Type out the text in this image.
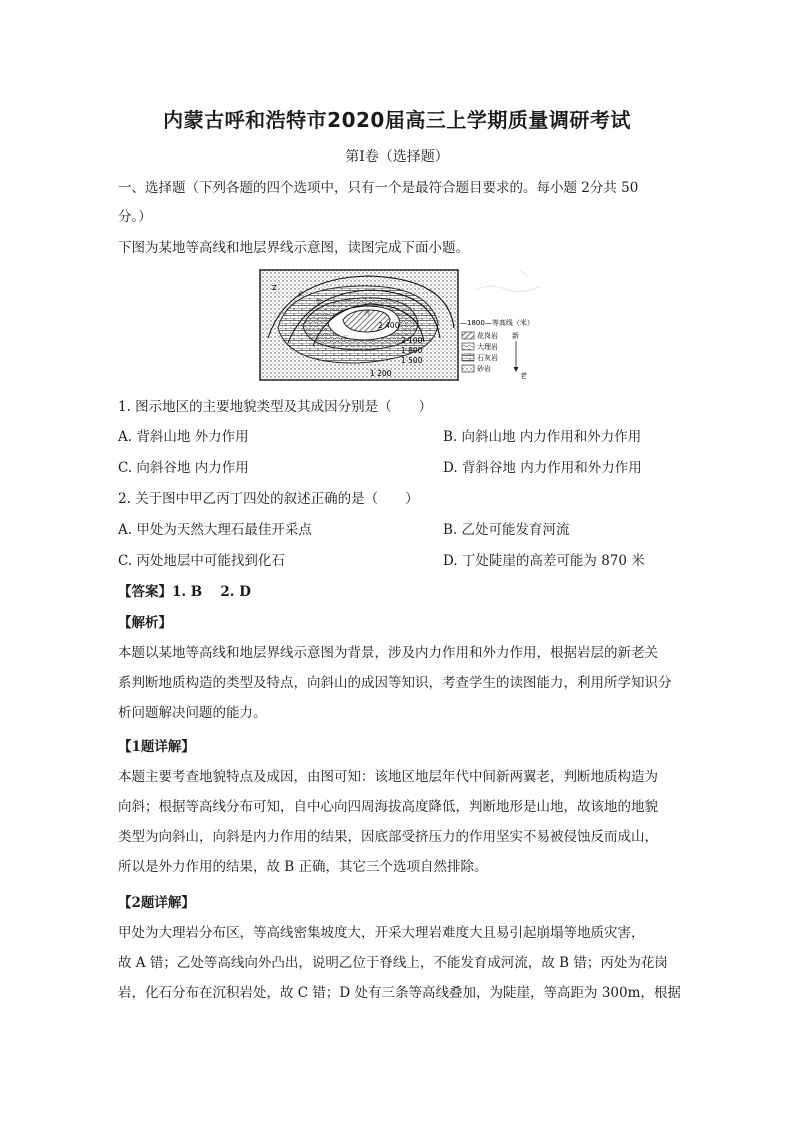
内蒙古呼和浩特市2020届高三上学期质量调研考试
第Ⅰ卷（选择题）
一、选择题（下列各题的四个选项中，只有一个是最符合题目要求的。每小题 2分共 50
分。）
下图为某地等高线和地层界线示意图，读图完成下面小题。
Z
甲
乙
丙
丁
2 400
2 100
1 800
1 500
1 200
—1800—等高线（米）
花岗岩
大理岩
石灰岩
砂岩
新
老
1. 图示地区的主要地貌类型及其成因分别是（　　）
A. 背斜山地 外力作用	B. 向斜山地 内力作用和外力作用
C. 向斜谷地 内力作用	D. 背斜谷地 内力作用和外力作用
2. 关于图中甲乙丙丁四处的叙述正确的是（　　）
A. 甲处为天然大理石最佳开采点	B. 乙处可能发育河流
C. 丙处地层中可能找到化石	D. 丁处陡崖的高差可能为 870 米
【答案】1. B　 2. D
【解析】
本题以某地等高线和地层界线示意图为背景，涉及内力作用和外力作用，根据岩层的新老关
系判断地质构造的类型及特点，向斜山的成因等知识，考查学生的读图能力，利用所学知识分
析问题解决问题的能力。
【1题详解】
本题主要考查地貌特点及成因，由图可知：该地区地层年代中间新两翼老，判断地质构造为
向斜；根据等高线分布可知，自中心向四周海拔高度降低，判断地形是山地，故该地的地貌
类型为向斜山，向斜是内力作用的结果，因底部受挤压力的作用坚实不易被侵蚀反而成山，
所以是外力作用的结果，故 B 正确，其它三个选项自然排除。
【2题详解】
甲处为大理岩分布区，等高线密集坡度大，开采大理岩难度大且易引起崩塌等地质灾害，
故 A 错；乙处等高线向外凸出，说明乙位于脊线上，不能发育成河流，故 B 错；丙处为花岗
岩，化石分布在沉积岩处，故 C 错；D 处有三条等高线叠加，为陡崖，等高距为 300m，根据
